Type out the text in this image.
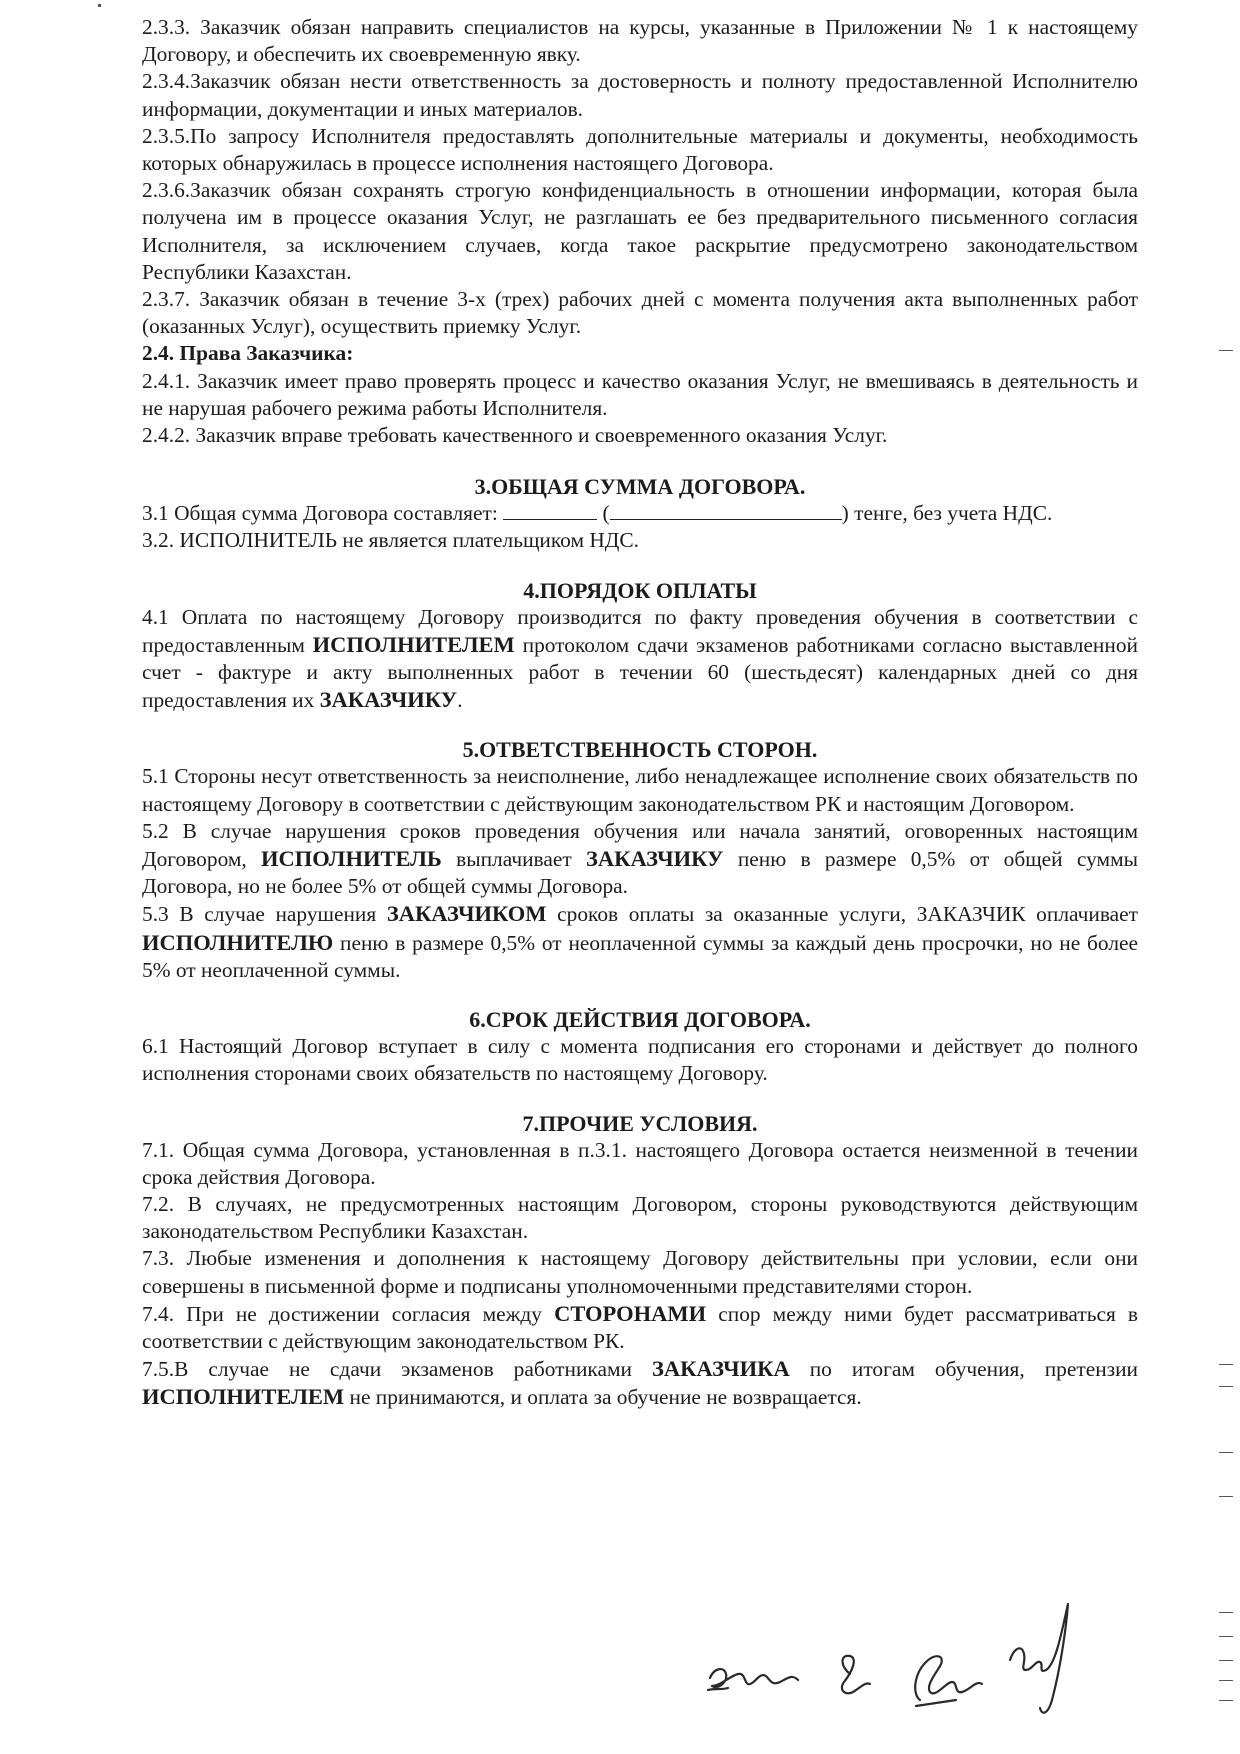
2.3.3. Заказчик обязан направить специалистов на курсы, указанные в Приложении № 1 к настоящему Договору, и обеспечить их своевременную явку.

2.3.4.Заказчик обязан нести ответственность за достоверность и полноту предоставленной Исполнителю информации, документации и иных материалов.

2.3.5.По запросу Исполнителя предоставлять дополнительные материалы и документы, необходимость которых обнаружилась в процессе исполнения настоящего Договора.

2.3.6.Заказчик обязан сохранять строгую конфиденциальность в отношении информации, которая была получена им в процессе оказания Услуг, не разглашать ее без предварительного письменного согласия Исполнителя, за исключением случаев, когда такое раскрытие предусмотрено законодательством Республики Казахстан.

2.3.7. Заказчик обязан в течение 3-х (трех) рабочих дней с момента получения акта выполненных работ (оказанных Услуг), осуществить приемку Услуг.

2.4. Права Заказчика:

2.4.1. Заказчик имеет право проверять процесс и качество оказания Услуг, не вмешиваясь в деятельность и не нарушая рабочего режима работы Исполнителя.

2.4.2. Заказчик вправе требовать качественного и своевременного оказания Услуг.

3.ОБЩАЯ СУММА ДОГОВОРА.

3.1 Общая сумма Договора составляет:	(	) тенге, без учета НДС.

3.2. ИСПОЛНИТЕЛЬ не является плательщиком НДС.

4.ПОРЯДОК ОПЛАТЫ

4.1 Оплата по настоящему Договору производится по факту проведения обучения в соответствии с предоставленным ИСПОЛНИТЕЛЕМ протоколом сдачи экзаменов работниками согласно выставленной счет - фактуре и акту выполненных работ в течении 60 (шестьдесят) календарных дней со дня предоставления их ЗАКАЗЧИКУ.

5.ОТВЕТСТВЕННОСТЬ СТОРОН.

5.1 Стороны несут ответственность за неисполнение, либо ненадлежащее исполнение своих обязательств по настоящему Договору в соответствии с действующим законодательством РК и настоящим Договором.

5.2 В случае нарушения сроков проведения обучения или начала занятий, оговоренных настоящим Договором, ИСПОЛНИТЕЛЬ выплачивает ЗАКАЗЧИКУ пеню в размере 0,5% от общей суммы Договора, но не более 5% от общей суммы Договора.

5.3 В случае нарушения ЗАКАЗЧИКОМ сроков оплаты за оказанные услуги, ЗАКАЗЧИК оплачивает ИСПОЛНИТЕЛЮ пеню в размере 0,5% от неоплаченной суммы за каждый день просрочки, но не более 5% от неоплаченной суммы.

6.СРОК ДЕЙСТВИЯ ДОГОВОРА.

6.1 Настоящий Договор вступает в силу с момента подписания его сторонами и действует до полного исполнения сторонами своих обязательств по настоящему Договору.

7.ПРОЧИЕ УСЛОВИЯ.

7.1. Общая сумма Договора, установленная в п.3.1. настоящего Договора остается неизменной в течении срока действия Договора.

7.2. В случаях, не предусмотренных настоящим Договором, стороны руководствуются действующим законодательством Республики Казахстан.

7.3. Любые изменения и дополнения к настоящему Договору действительны при условии, если они совершены в письменной форме и подписаны уполномоченными представителями сторон.

7.4. При не достижении согласия между СТОРОНАМИ спор между ними будет рассматриваться в соответствии с действующим законодательством РК.

7.5.В случае не сдачи экзаменов работниками ЗАКАЗЧИКА по итогам обучения, претензии ИСПОЛНИТЕЛЕМ не принимаются, и оплата за обучение не возвращается.
